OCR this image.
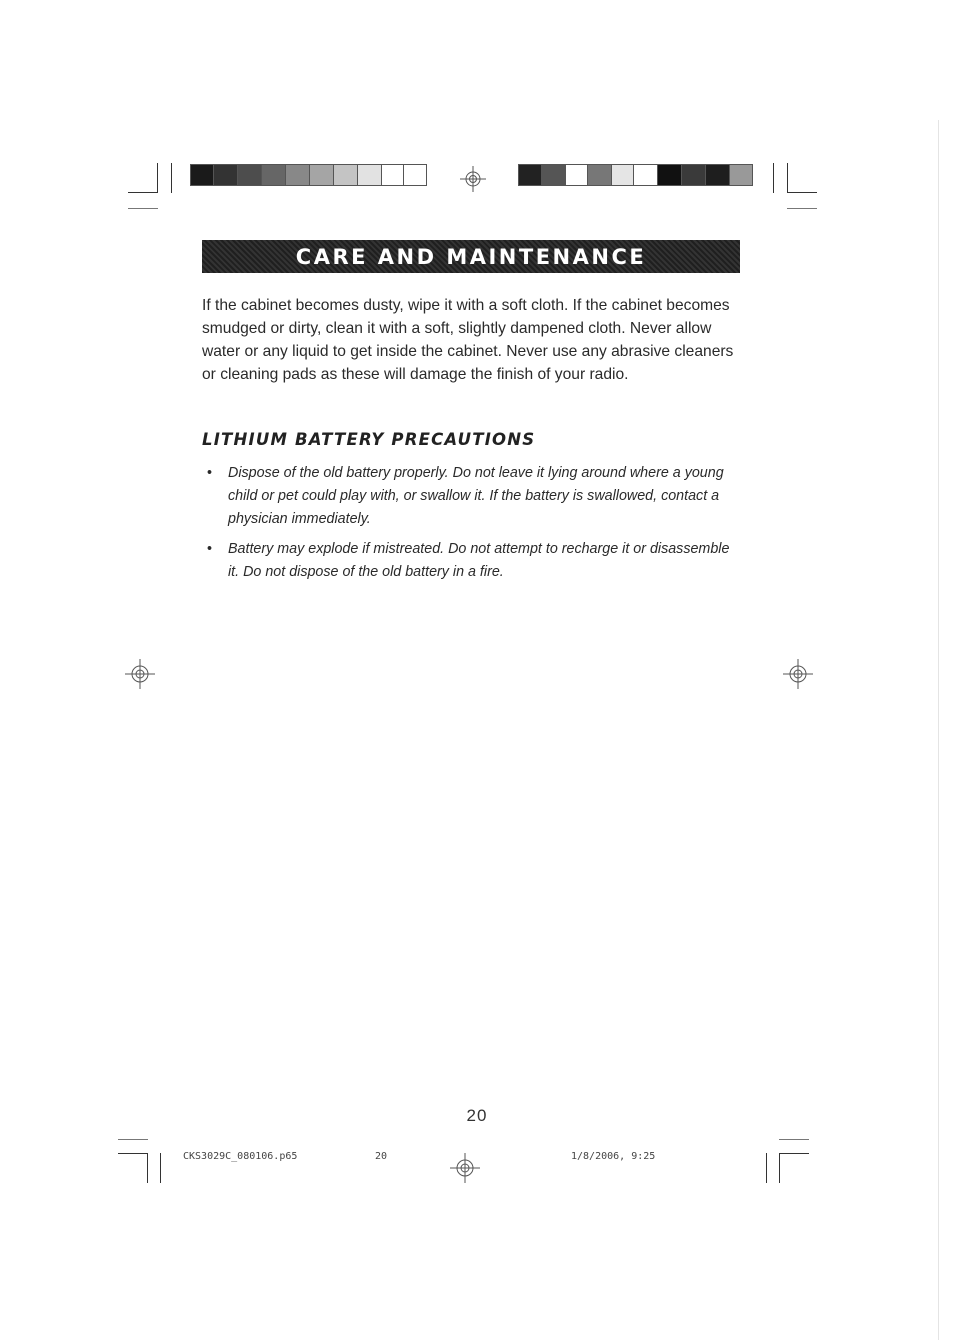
CARE AND MAINTENANCE

If the cabinet becomes dusty, wipe it with a soft cloth. If the cabinet becomes smudged or dirty, clean it with a soft, slightly dampened cloth. Never allow water or any liquid to get inside the cabinet. Never use any abrasive cleaners or cleaning pads as these will damage the finish of your radio.

LITHIUM BATTERY PRECAUTIONS
• Dispose of the old battery properly. Do not leave it lying around where a young child or pet could play with, or swallow it. If the battery is swallowed, contact a physician immediately.
• Battery may explode if mistreated. Do not attempt to recharge it or disassemble it. Do not dispose of the old battery in a fire.
20
CKS3029C_080106.p65	20	1/8/2006, 9:25
